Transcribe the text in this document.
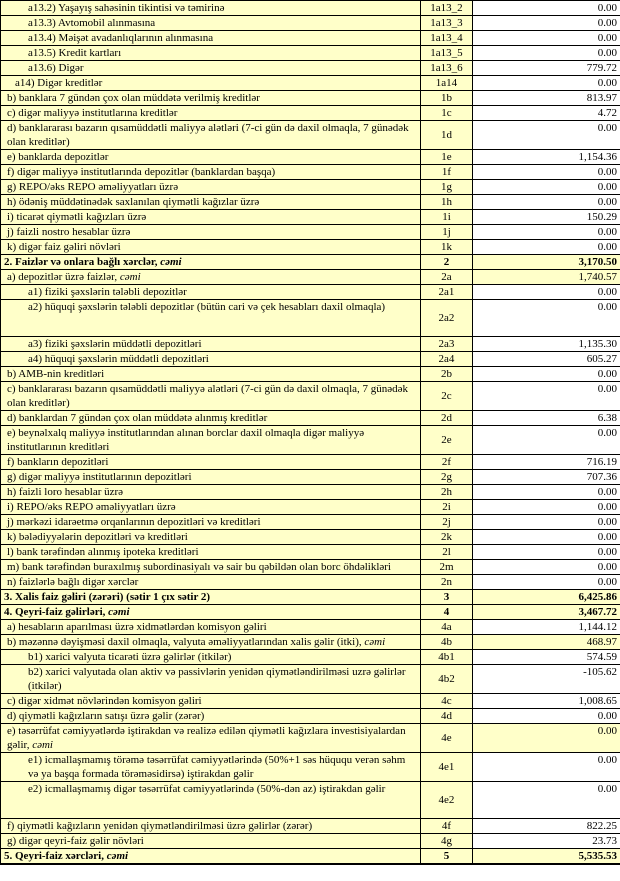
a13.2) Yaşayış sahəsinin tikintisi və təmirinə	1a13_2	0.00
a13.3) Avtomobil alınmasına	1a13_3	0.00
a13.4) Məişət avadanlıqlarının alınmasına	1a13_4	0.00
a13.5) Kredit kartları	1a13_5	0.00
a13.6) Digər	1a13_6	779.72
a14) Digər kreditlər	1a14	0.00
b) banklara 7 gündən çox olan müddətə verilmiş kreditlər	1b	813.97
c) digər maliyyə institutlarına kreditlər	1c	4.72
d) banklararası bazarın qısamüddətli maliyyə alətləri (7-ci gün də daxil olmaqla, 7 günədək olan kreditlər)	1d	0.00
e) banklarda depozitlər	1e	1,154.36
f) digər maliyyə institutlarında depozitlər (banklardan başqa)	1f	0.00
g) REPO/əks REPO əməliyyatları üzrə	1g	0.00
h) ödəniş müddətinədək saxlanılan qiymətli kağızlar üzrə	1h	0.00
i) ticarət qiymətli kağızları üzrə	1i	150.29
j) faizli nostro hesablar üzrə	1j	0.00
k) digər faiz gəliri növləri	1k	0.00
2. Faizlər və onlara bağlı xərclər, cəmi	2	3,170.50
a) depozitlər üzrə faizlər, cəmi	2a	1,740.57
a1) fiziki şəxslərin tələbli depozitlər	2a1	0.00
a2) hüquqi şəxslərin tələbli depozitlər (bütün cari və çek hesabları daxil olmaqla)	2a2	0.00
a3) fiziki şəxslərin müddətli depozitləri	2a3	1,135.30
a4) hüquqi şəxslərin müddətli depozitləri	2a4	605.27
b) AMB-nin kreditləri	2b	0.00
c) banklararası bazarın qısamüddətli maliyyə alətləri (7-ci gün də daxil olmaqla, 7 günədək olan kreditlər)	2c	0.00
d) banklardan 7 gündən çox olan müddətə alınmış kreditlər	2d	6.38
e) beynəlxalq maliyyə institutlarından alınan borclar daxil olmaqla digər maliyyə institutlarının kreditləri	2e	0.00
f) bankların depozitləri	2f	716.19
g) digər maliyyə institutlarının depozitləri	2g	707.36
h) faizli loro hesablar üzrə	2h	0.00
i) REPO/əks REPO əməliyyatları üzrə	2i	0.00
j) mərkəzi idarəetmə orqanlarının depozitləri və kreditləri	2j	0.00
k) bələdiyyələrin depozitləri və kreditləri	2k	0.00
l) bank tərəfindən alınmış ipoteka kreditləri	2l	0.00
m) bank tərəfindən buraxılmış subordinasiyalı və sair bu qəbildən olan borc öhdəlikləri	2m	0.00
n) faizlərlə bağlı digər xərclər	2n	0.00
3. Xalis faiz gəliri (zərəri) (sətir 1 çıx sətir 2)	3	6,425.86
4. Qeyri-faiz gəlirləri, cəmi	4	3,467.72
a) hesabların aparılması üzrə xidmətlərdən komisyon gəliri	4a	1,144.12
b) məzənnə dəyişməsi daxil olmaqla, valyuta əməliyyatlarından xalis gəlir (itki), cəmi	4b	468.97
b1) xarici valyuta ticarəti üzrə gəlirlər (itkilər)	4b1	574.59
b2) xarici valyutada olan aktiv və passivlərin yenidən qiymətləndirilməsi uzrə gəlirlər (itkilər)	4b2	-105.62
c) digər xidmət növlərindən komisyon gəliri	4c	1,008.65
d) qiymətli kağızların satışı üzrə gəlir (zərər)	4d	0.00
e) təsərrüfat cəmiyyətlərdə iştirakdan və realizə edilən qiymətli kağızlara investisiyalardan gəlir, cəmi	4e	0.00
e1) icmallaşmamış törəmə təsərrüfat cəmiyyətlərində (50%+1 səs hüququ verən səhm və ya başqa formada törəməsidirsə) iştirakdan gəlir	4e1	0.00
e2) icmallaşmamış digər təsərrüfat cəmiyyətlərində (50%-dən az) iştirakdan gəlir	4e2	0.00
f) qiymətli kağızların yenidən qiymətləndirilməsi üzrə gəlirlər (zərər)	4f	822.25
g) digər qeyri-faiz gəlir növləri	4g	23.73
5. Qeyri-faiz xərcləri, cəmi	5	5,535.53
